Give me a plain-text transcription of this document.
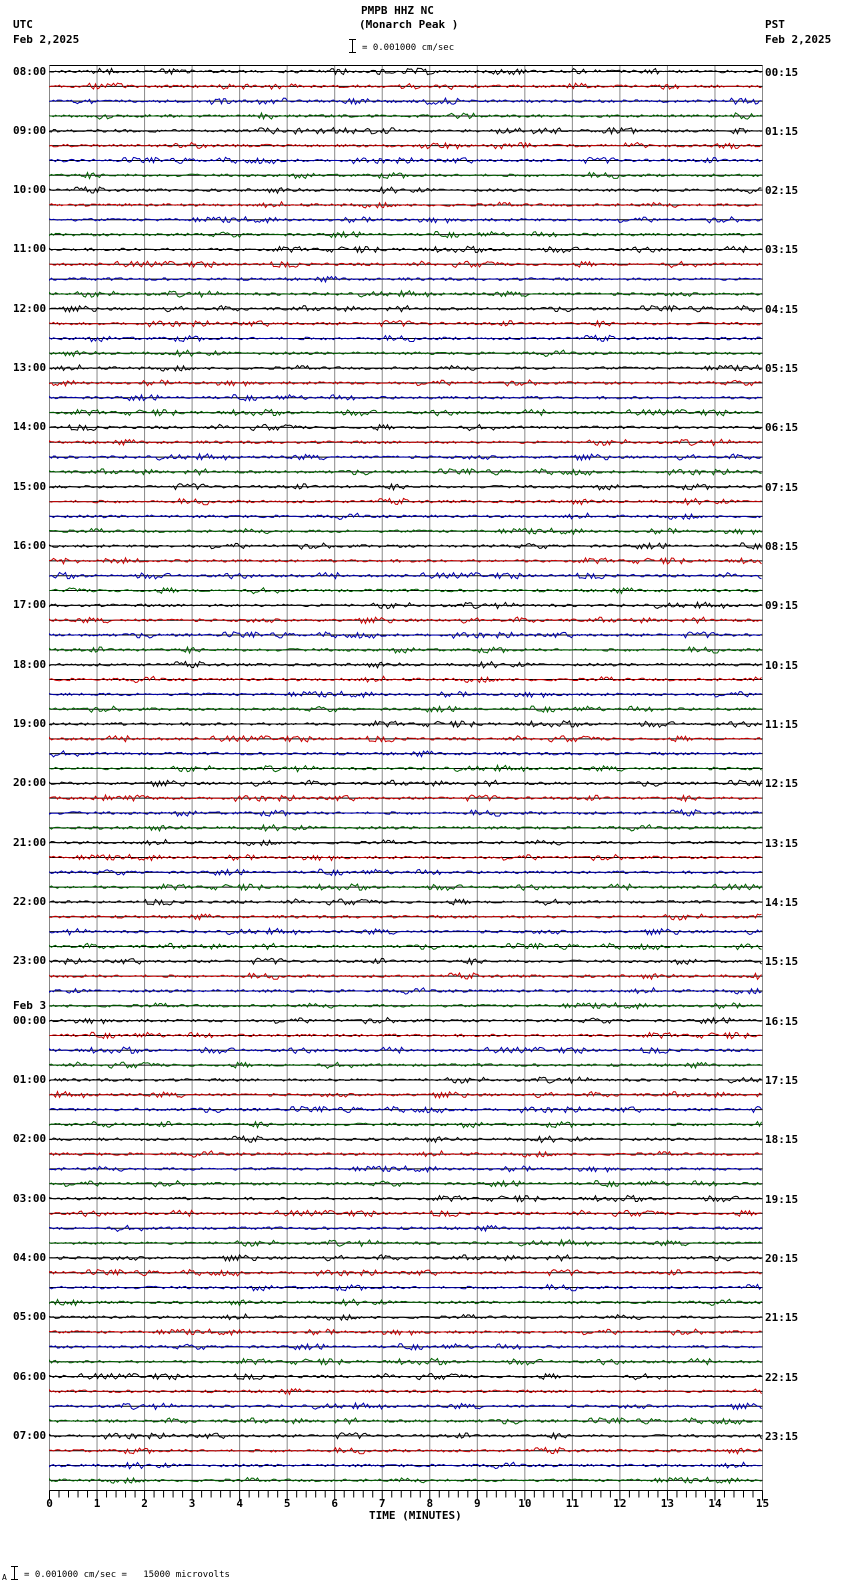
PMPB HHZ NC
(Monarch Peak )
UTC
Feb 2,2025
PST
Feb 2,2025
= 0.001000 cm/sec
0	1	2	3	4	5	6	7	8	9	10	11	12	13	14	15
08:00
09:00
10:00
11:00
12:00
13:00
14:00
15:00
16:00
17:00
18:00
19:00
20:00
21:00
22:00
23:00
00:00
Feb 3
01:00
02:00
03:00
04:00
05:00
06:00
07:00
00:15
01:15
02:15
03:15
04:15
05:15
06:15
07:15
08:15
09:15
10:15
11:15
12:15
13:15
14:15
15:15
16:15
17:15
18:15
19:15
20:15
21:15
22:15
23:15
TIME (MINUTES)
A = 0.001000 cm/sec =   15000 microvolts
